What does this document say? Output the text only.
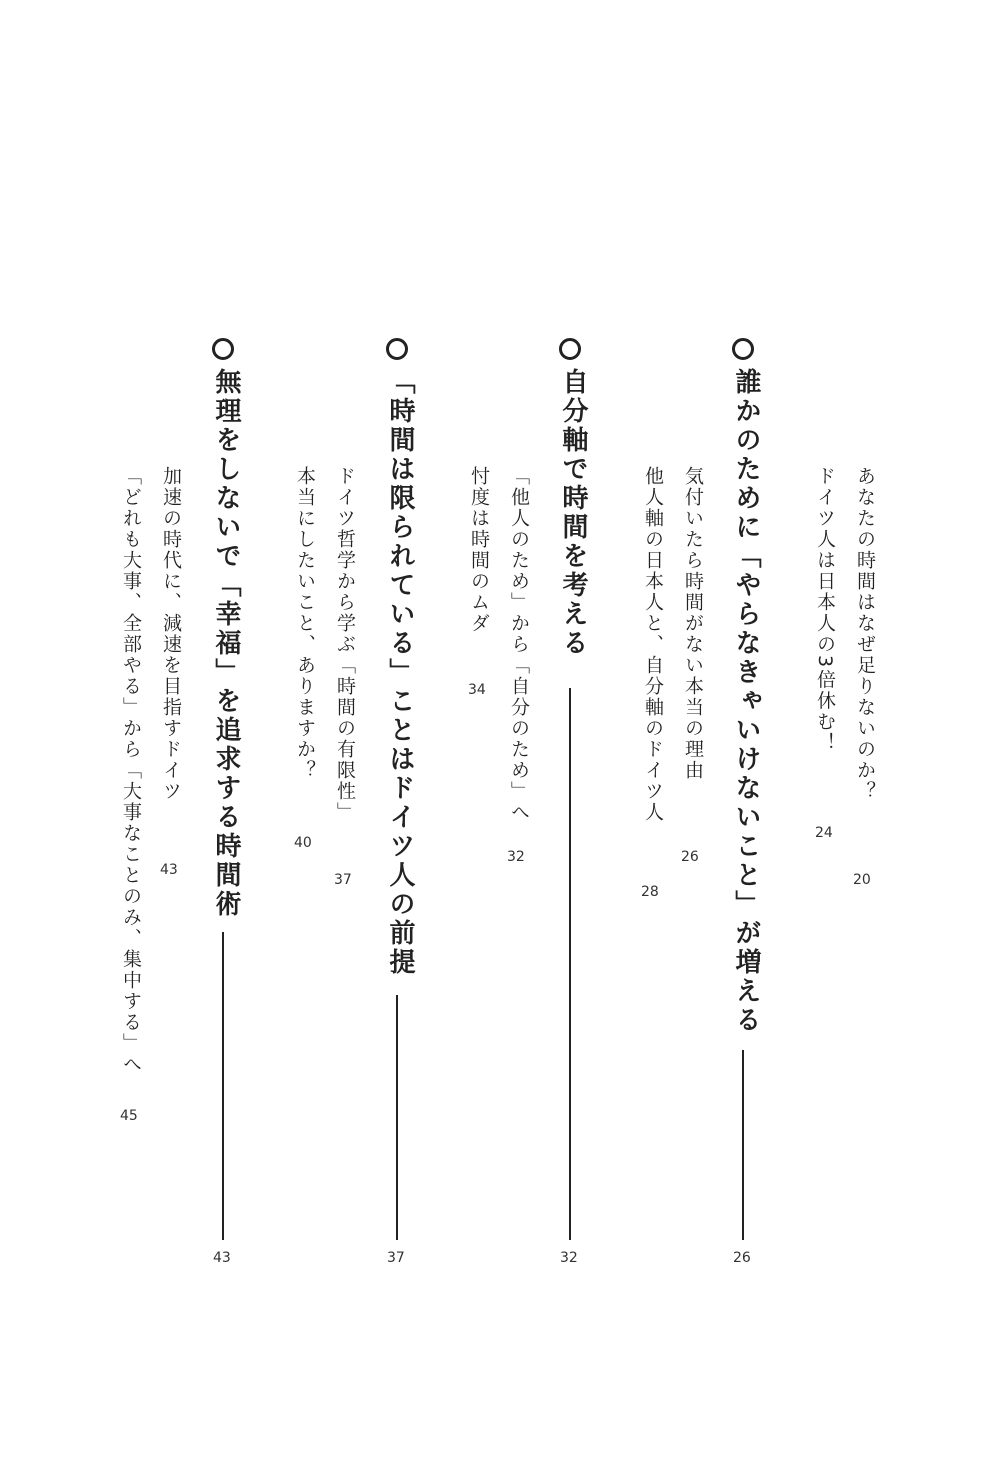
あなたの時間はなぜ足りないのか？
20
ドイツ人は日本人の3倍休む！
24
誰かのために「やらなきゃいけないこと」が増える
26
気付いたら時間がない本当の理由
26
他人軸の日本人と、自分軸のドイツ人
28
自分軸で時間を考える
32
「他人のため」から「自分のため」へ
32
忖度は時間のムダ
34
「時間は限られている」ことはドイツ人の前提
37
ドイツ哲学から学ぶ「時間の有限性」
37
本当にしたいこと、ありますか？
40
無理をしないで「幸福」を追求する時間術
43
加速の時代に、減速を目指すドイツ
43
「どれも大事、全部やる」から「大事なことのみ、集中する」へ
45
